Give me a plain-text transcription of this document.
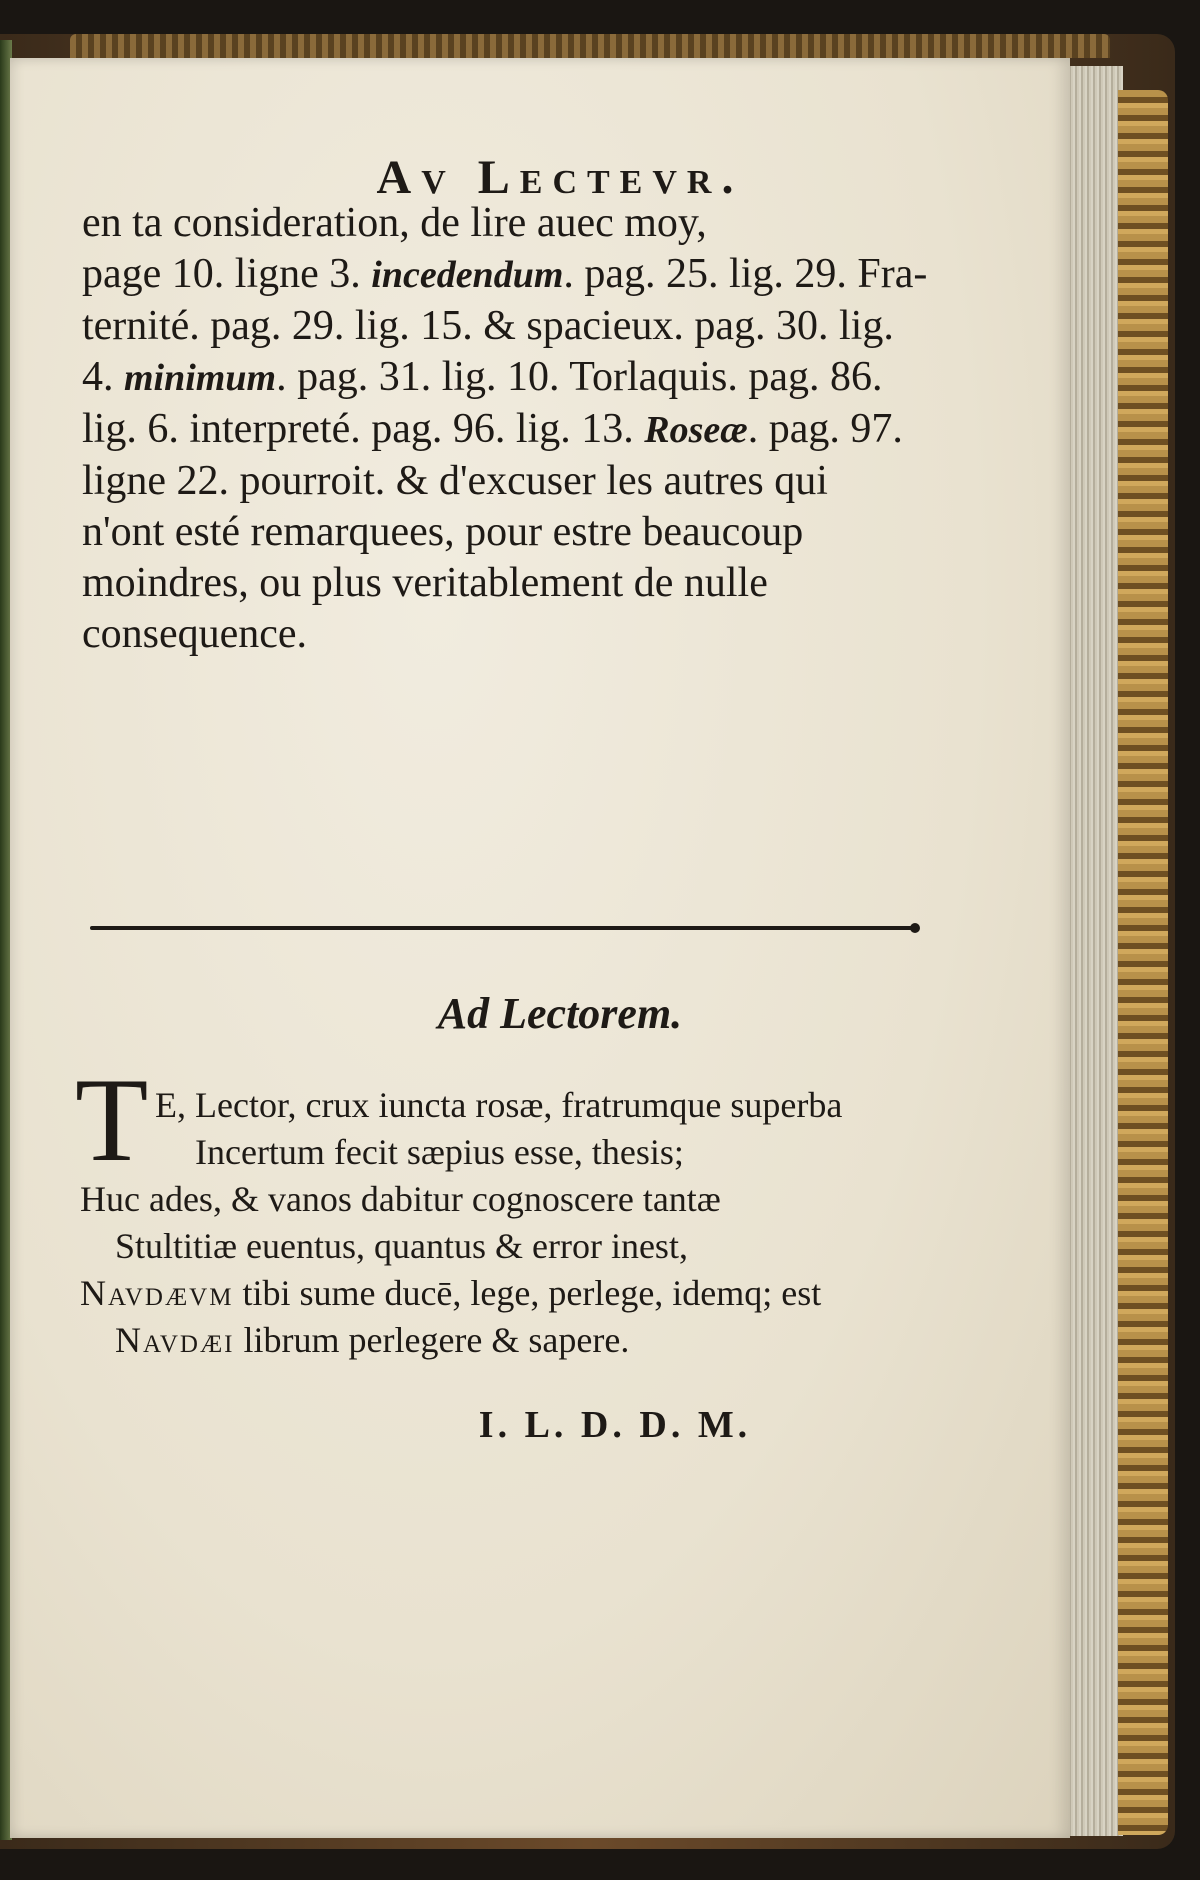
Av Lectevr.

en ta consideration, de lire auec moy,

page 10. ligne 3. incedendum. pag. 25. lig. 29. Fra-

ternité. pag. 29. lig. 15. & spacieux. pag. 30. lig.

4. minimum. pag. 31. lig. 10. Torlaquis. pag. 86.

lig. 6. interpreté. pag. 96. lig. 13. Roseæ. pag. 97.

ligne 22. pourroit. & d'excuser les autres qui

n'ont esté remarquees, pour estre beaucoup

moindres, ou plus veritablement de nulle

consequence.

Ad Lectorem.
T E, Lector, crux iuncta rosæ, fratrumque superba

Incertum fecit sæpius esse, thesis;

Huc ades, & vanos dabitur cognoscere tantæ

Stultitiæ euentus, quantus & error inest,

Navdævm tibi sume ducē, lege, perlege, idemq; est

Navdæi librum perlegere & sapere.

I. L. D. D. M.
